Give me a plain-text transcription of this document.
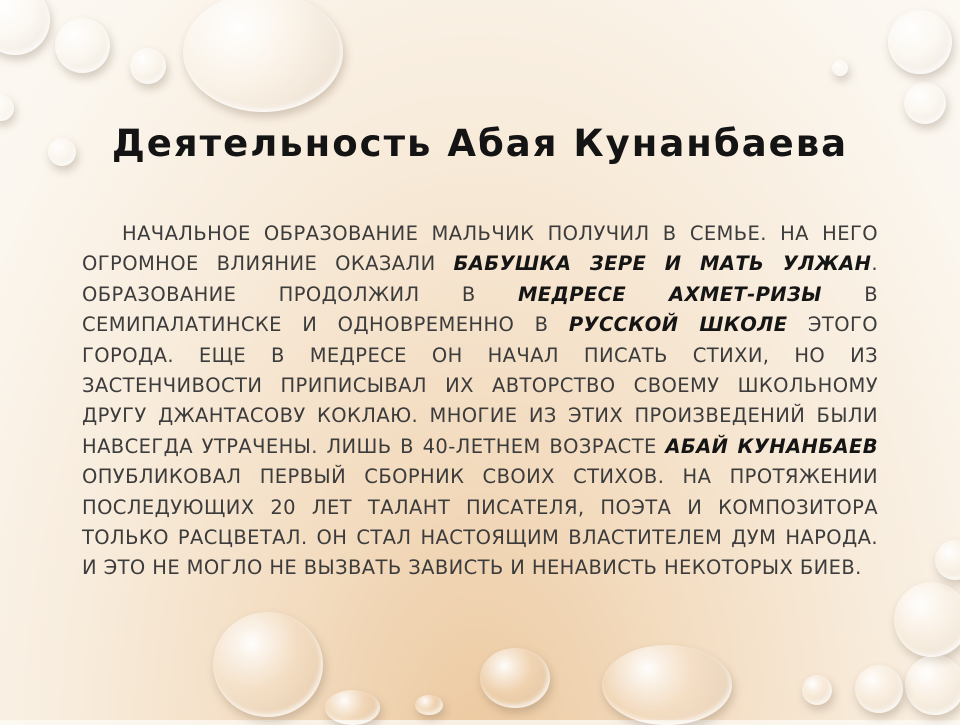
Деятельность Абая Кунанбаева

НАЧАЛЬНОЕ ОБРАЗОВАНИЕ МАЛЬЧИК ПОЛУЧИЛ В СЕМЬЕ. НА НЕГО ОГРОМНОЕ ВЛИЯНИЕ ОКАЗАЛИ БАБУШКА ЗЕРЕ И МАТЬ УЛЖАН. ОБРАЗОВАНИЕ ПРОДОЛЖИЛ В МЕДРЕСЕ АХМЕТ-РИЗЫ В СЕМИПАЛАТИНСКЕ И ОДНОВРЕМЕННО В РУССКОЙ ШКОЛЕ ЭТОГО ГОРОДА. ЕЩЕ В МЕДРЕСЕ ОН НАЧАЛ ПИСАТЬ СТИХИ, НО ИЗ ЗАСТЕНЧИВОСТИ ПРИПИСЫВАЛ ИХ АВТОРСТВО СВОЕМУ ШКОЛЬНОМУ ДРУГУ ДЖАНТАСОВУ КОКЛАЮ. МНОГИЕ ИЗ ЭТИХ ПРОИЗВЕДЕНИЙ БЫЛИ НАВСЕГДА УТРАЧЕНЫ. ЛИШЬ В 40-ЛЕТНЕМ ВОЗРАСТЕ АБАЙ КУНАНБАЕВ ОПУБЛИКОВАЛ ПЕРВЫЙ СБОРНИК СВОИХ СТИХОВ. НА ПРОТЯЖЕНИИ ПОСЛЕДУЮЩИХ 20 ЛЕТ ТАЛАНТ ПИСАТЕЛЯ, ПОЭТА И КОМПОЗИТОРА ТОЛЬКО РАСЦВЕТАЛ. ОН СТАЛ НАСТОЯЩИМ ВЛАСТИТЕЛЕМ ДУМ НАРОДА. И ЭТО НЕ МОГЛО НЕ ВЫЗВАТЬ ЗАВИСТЬ И НЕНАВИСТЬ НЕКОТОРЫХ БИЕВ.
